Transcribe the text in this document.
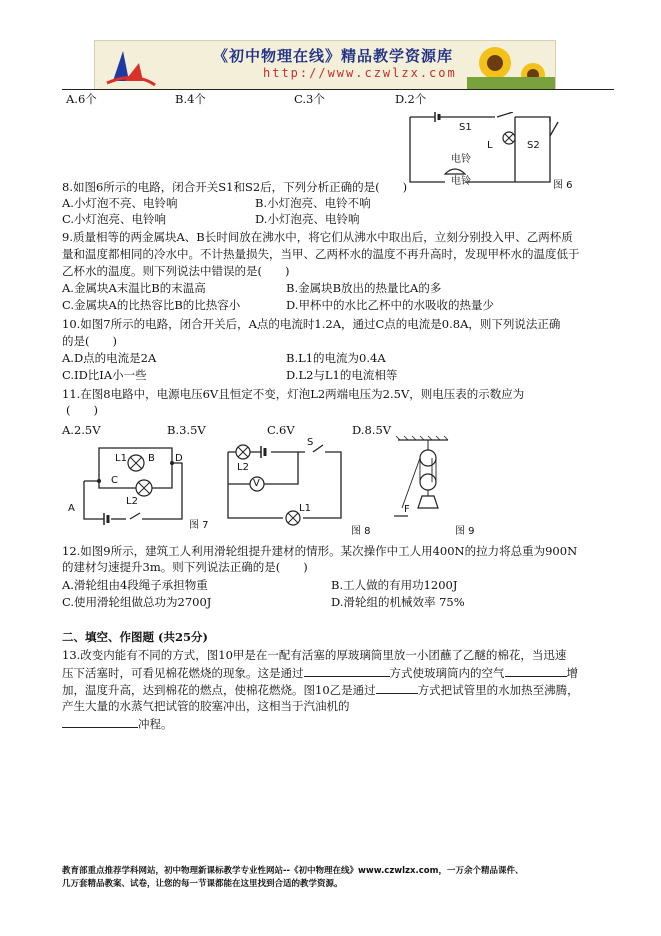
《初中物理在线》精品教学资源库
http://www.czwlzx.com
A.6个	B.4个	C.3个	D.2个
S1
L	S2
电铃
电铃	图 6
8.如图6所示的电路，闭合开关S1和S2后，下列分析正确的是(　　)
A.小灯泡不亮、电铃响	B.小灯泡亮、电铃不响
C.小灯泡亮、电铃响	D.小灯泡亮、电铃响
9.质量相等的两金属块A、B长时间放在沸水中，将它们从沸水中取出后，立刻分别投入甲、乙两杯质
量和温度都相同的冷水中。不计热量损失，当甲、乙两杯水的温度不再升高时，发现甲杯水的温度低于
乙杯水的温度。则下列说法中错误的是(　　)
A.金属块A末温比B的末温高	B.金属块B放出的热量比A的多
C.金属块A的比热容比B的比热容小	D.甲杯中的水比乙杯中的水吸收的热量少
10.如图7所示的电路，闭合开关后，A点的电流时1.2A，通过C点的电流是0.8A，则下列说法正确
的是(　　)
A.D点的电流是2A	B.L1的电流为0.4A
C.ID比IA小一些	D.L2与L1的电流相等
11.在图8电路中，电源电压6V且恒定不变，灯泡L2两端电压为2.5V，则电压表的示数应为
(　　)
A.2.5V	B.3.5V	C.6V	D.8.5V
L1 B D
C
L2
A
图 7
S
L2
V
L1
图 8
F
图 9
12.如图9所示，建筑工人利用滑轮组提升建材的情形。某次操作中工人用400N的拉力将总重为900N
的建材匀速提升3m。则下列说法正确的是(　　)
A.滑轮组由4段绳子承担物重	B.工人做的有用功1200J
C.使用滑轮组做总功为2700J	D.滑轮组的机械效率 75%
二、填空、作图题 (共25分)
13.改变内能有不同的方式，图10甲是在一配有活塞的厚玻璃筒里放一小团蘸了乙醚的棉花，当迅速
压下活塞时，可看见棉花燃烧的现象。这是通过	方式使玻璃筒内的空气	增
加，温度升高，达到棉花的燃点，使棉花燃烧。图10乙是通过	方式把试管里的水加热至沸腾，
产生大量的水蒸气把试管的胶塞冲出，这相当于汽油机的
冲程。
教育部重点推荐学科网站，初中物理新课标教学专业性网站--《初中物理在线》www.czwlzx.com，一万余个精品课件、
几万套精品教案、试卷，让您的每一节课都能在这里找到合适的教学资源。
